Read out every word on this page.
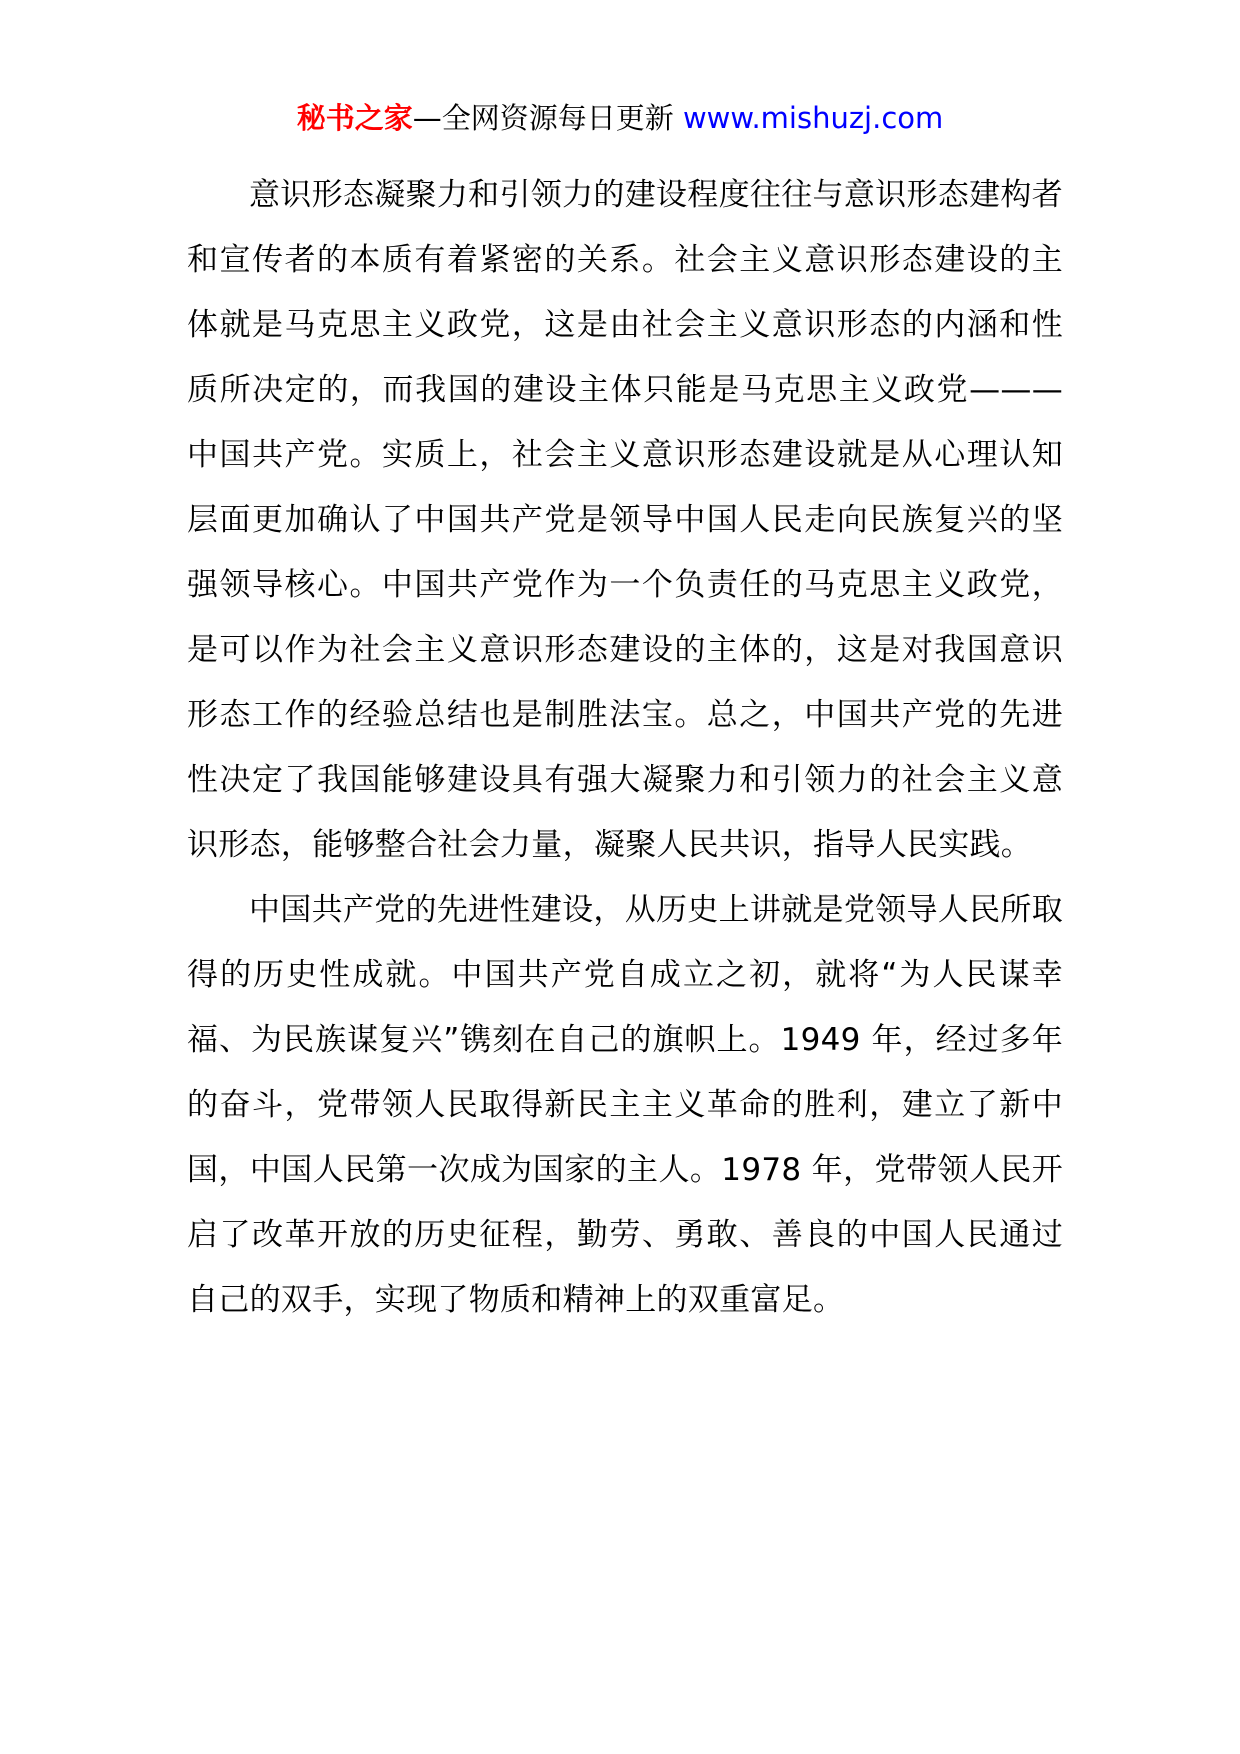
秘书之家—全网资源每日更新 www.mishuzj.com

意识形态凝聚力和引领力的建设程度往往与意识形态建构者和宣传者的本质有着紧密的关系。社会主义意识形态建设的主体就是马克思主义政党，这是由社会主义意识形态的内涵和性质所决定的，而我国的建设主体只能是马克思主义政党———中国共产党。实质上，社会主义意识形态建设就是从心理认知层面更加确认了中国共产党是领导中国人民走向民族复兴的坚强领导核心。中国共产党作为一个负责任的马克思主义政党，是可以作为社会主义意识形态建设的主体的，这是对我国意识形态工作的经验总结也是制胜法宝。总之，中国共产党的先进性决定了我国能够建设具有强大凝聚力和引领力的社会主义意识形态，能够整合社会力量，凝聚人民共识，指导人民实践。

中国共产党的先进性建设，从历史上讲就是党领导人民所取得的历史性成就。中国共产党自成立之初，就将“为人民谋幸福、为民族谋复兴”镌刻在自己的旗帜上。1949 年，经过多年的奋斗，党带领人民取得新民主主义革命的胜利，建立了新中国，中国人民第一次成为国家的主人。1978 年，党带领人民开启了改革开放的历史征程，勤劳、勇敢、善良的中国人民通过自己的双手，实现了物质和精神上的双重富足。
